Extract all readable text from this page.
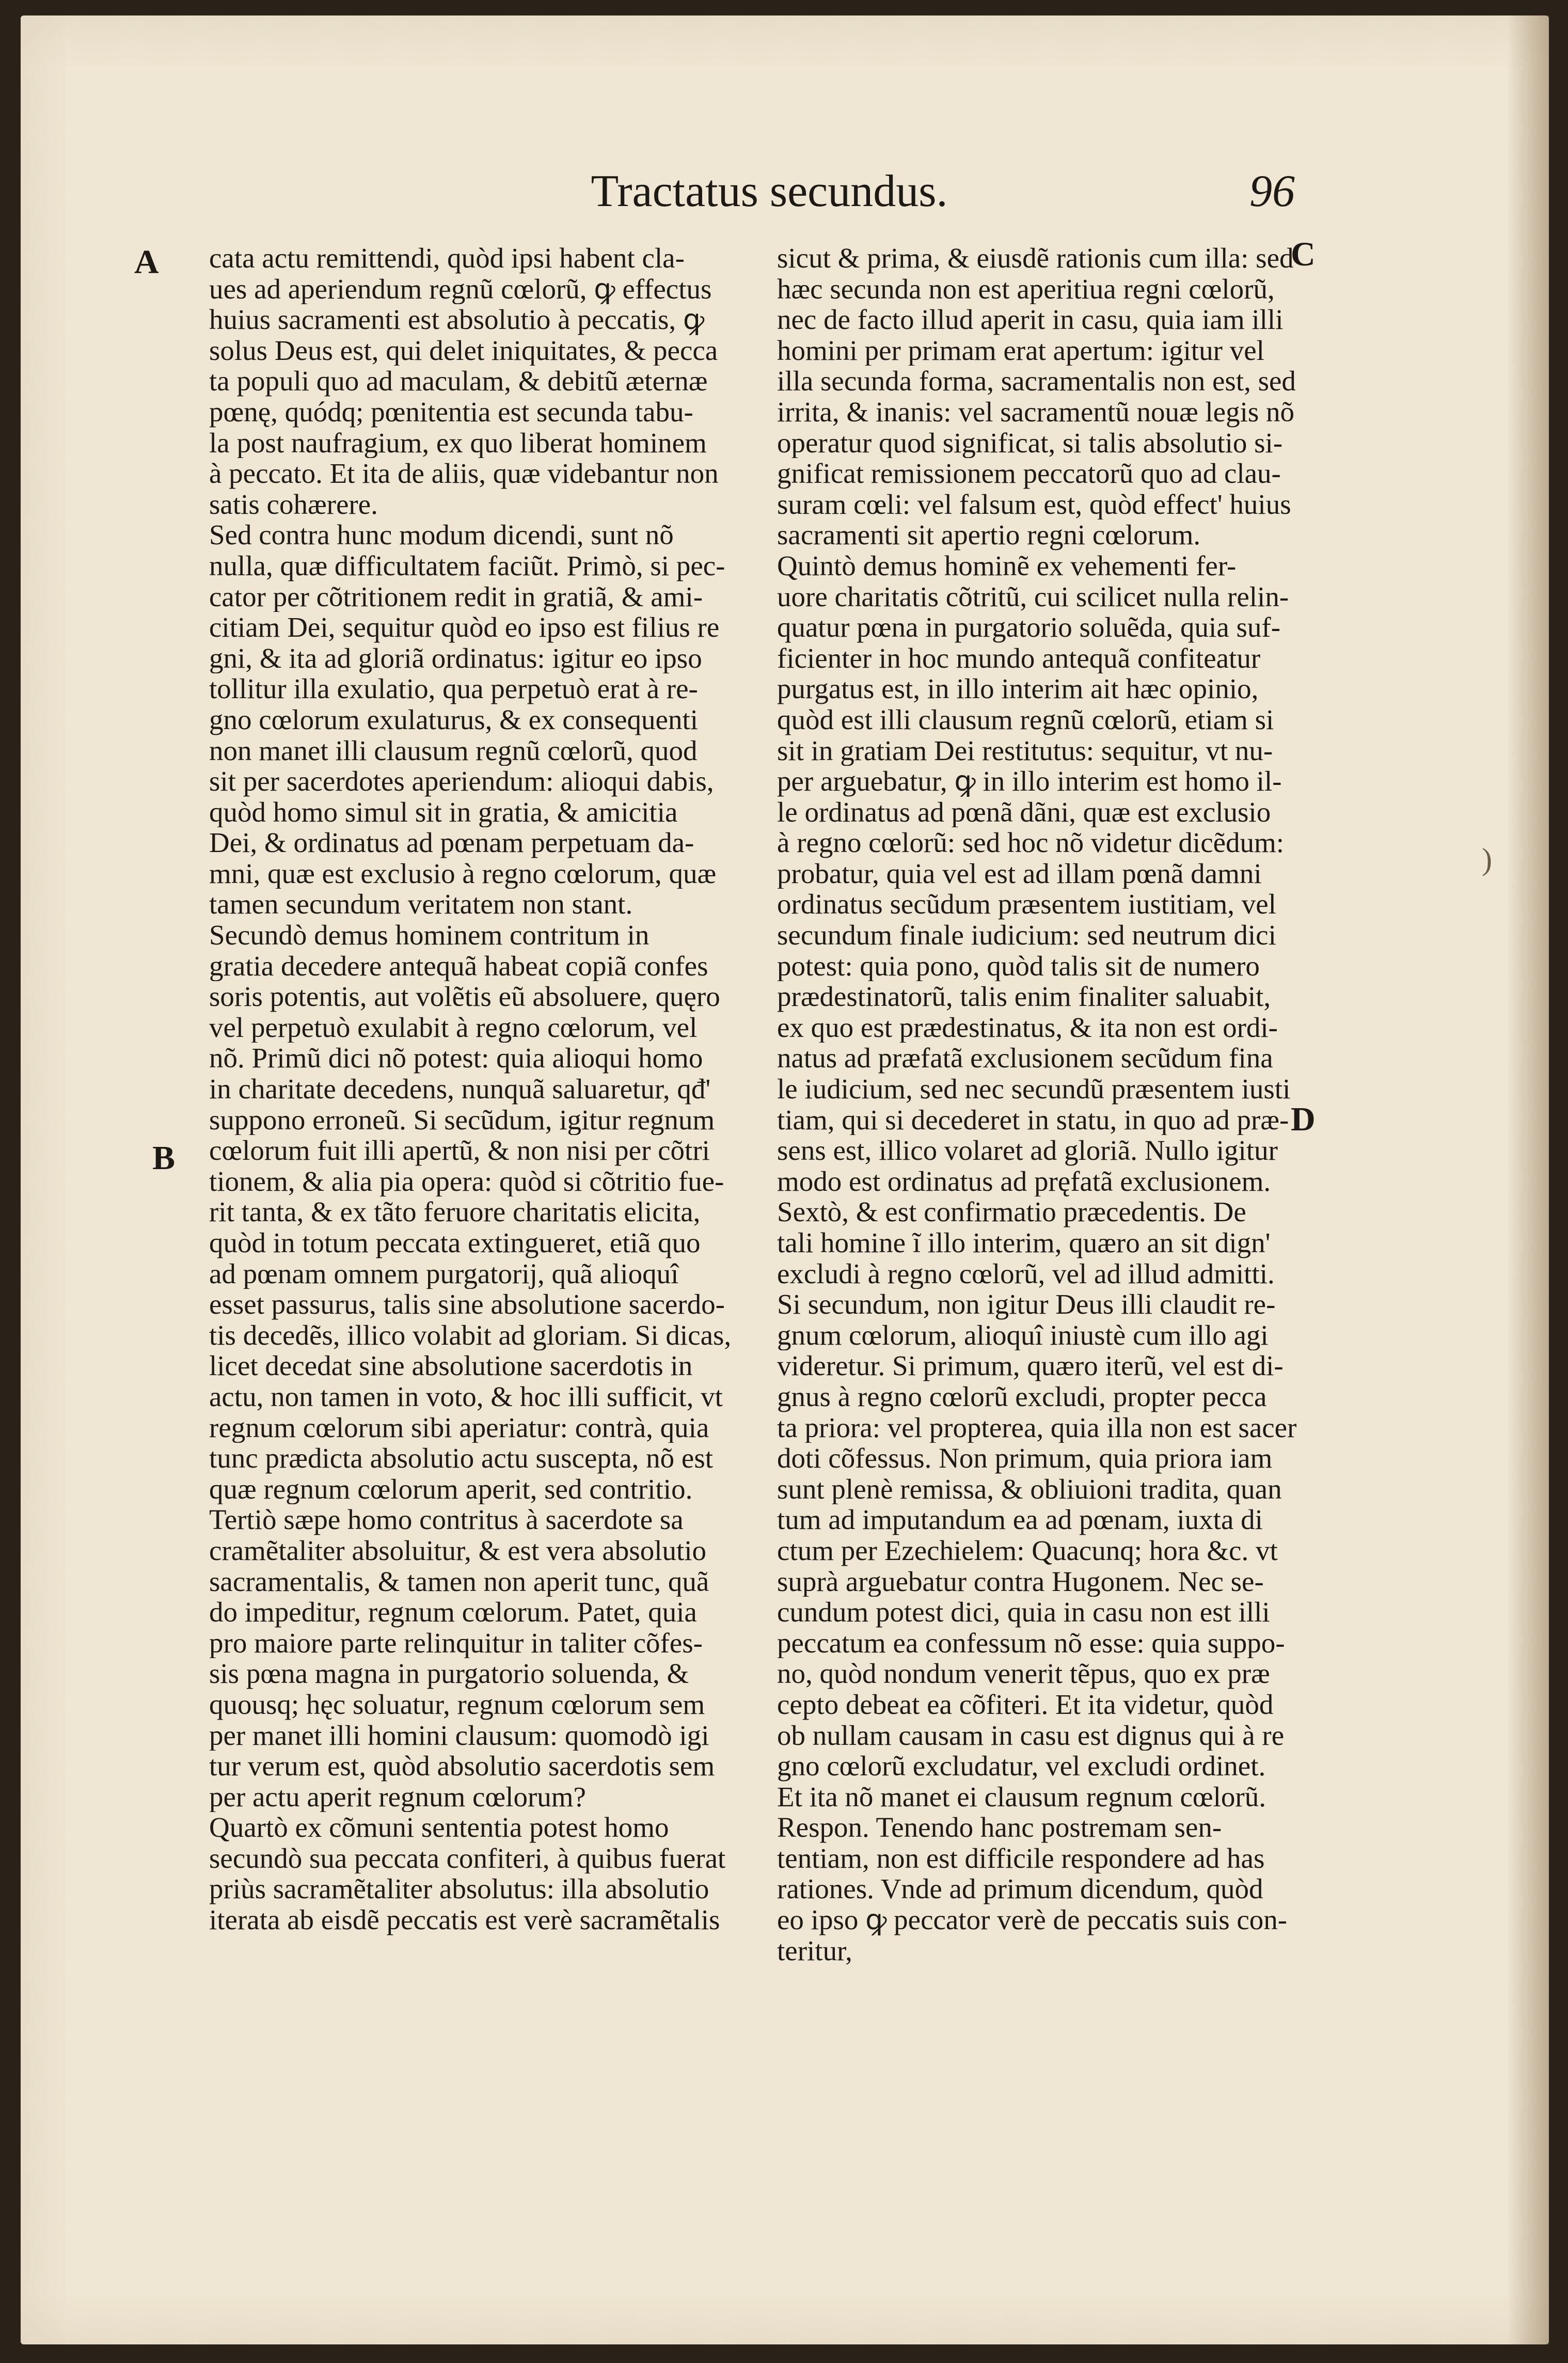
Tractatus secundus.	96
A
B
C
D
)
cata actu remittendi, quòd ipsi habent cla-
ues ad aperiendum regnũ cœlorũ, ꝙ effectus
huius sacramenti est absolutio à peccatis, ꝙ
solus Deus est, qui delet iniquitates, & pecca
ta populi quo ad maculam, & debitũ æternæ
pœnę, quódq; pœnitentia est secunda tabu-
la post naufragium, ex quo liberat hominem
à peccato. Et ita de aliis, quæ videbantur non
satis cohærere.
Sed contra hunc modum dicendi, sunt nõ
nulla, quæ difficultatem faciũt. Primò, si pec-
cator per cõtritionem redit in gratiã, & ami-
citiam Dei, sequitur quòd eo ipso est filius re
gni, & ita ad gloriã ordinatus: igitur eo ipso
tollitur illa exulatio, qua perpetuò erat à re-
gno cœlorum exulaturus, & ex consequenti
non manet illi clausum regnũ cœlorũ, quod
sit per sacerdotes aperiendum: alioqui dabis,
quòd homo simul sit in gratia, & amicitia
Dei, & ordinatus ad pœnam perpetuam da-
mni, quæ est exclusio à regno cœlorum, quæ
tamen secundum veritatem non stant.
Secundò demus hominem contritum in
gratia decedere antequã habeat copiã confes
soris potentis, aut volẽtis eũ absoluere, quęro
vel perpetuò exulabit à regno cœlorum, vel
nõ. Primũ dici nõ potest: quia alioqui homo
in charitate decedens, nunquã saluaretur, qđ'
suppono erroneũ. Si secũdum, igitur regnum
cœlorum fuit illi apertũ, & non nisi per cõtri
tionem, & alia pia opera: quòd si cõtritio fue-
rit tanta, & ex tãto feruore charitatis elicita,
quòd in totum peccata extingueret, etiã quo
ad pœnam omnem purgatorij, quã alioquî
esset passurus, talis sine absolutione sacerdo-
tis decedẽs, illico volabit ad gloriam. Si dicas,
licet decedat sine absolutione sacerdotis in
actu, non tamen in voto, & hoc illi sufficit, vt
regnum cœlorum sibi aperiatur: contrà, quia
tunc prædicta absolutio actu suscepta, nõ est
quæ regnum cœlorum aperit, sed contritio.
Tertiò sæpe homo contritus à sacerdote sa
cramẽtaliter absoluitur, & est vera absolutio
sacramentalis, & tamen non aperit tunc, quã
do impeditur, regnum cœlorum. Patet, quia
pro maiore parte relinquitur in taliter cõfes-
sis pœna magna in purgatorio soluenda, &
quousq; hęc soluatur, regnum cœlorum sem
per manet illi homini clausum: quomodò igi
tur verum est, quòd absolutio sacerdotis sem
per actu aperit regnum cœlorum?
Quartò ex cõmuni sententia potest homo
secundò sua peccata confiteri, à quibus fuerat
priùs sacramẽtaliter absolutus: illa absolutio
iterata ab eisdẽ peccatis est verè sacramẽtalis
sicut & prima, & eiusdẽ rationis cum illa: sed
hæc secunda non est aperitiua regni cœlorũ,
nec de facto illud aperit in casu, quia iam illi
homini per primam erat apertum: igitur vel
illa secunda forma, sacramentalis non est, sed
irrita, & inanis: vel sacramentũ nouæ legis nõ
operatur quod significat, si talis absolutio si-
gnificat remissionem peccatorũ quo ad clau-
suram cœli: vel falsum est, quòd effect' huius
sacramenti sit apertio regni cœlorum.
Quintò demus hominẽ ex vehementi fer-
uore charitatis cõtritũ, cui scilicet nulla relin-
quatur pœna in purgatorio soluẽda, quia suf-
ficienter in hoc mundo antequã confiteatur
purgatus est, in illo interim ait hæc opinio,
quòd est illi clausum regnũ cœlorũ, etiam si
sit in gratiam Dei restitutus: sequitur, vt nu-
per arguebatur, ꝙ in illo interim est homo il-
le ordinatus ad pœnã dãni, quæ est exclusio
à regno cœlorũ: sed hoc nõ videtur dicẽdum:
probatur, quia vel est ad illam pœnã damni
ordinatus secũdum præsentem iustitiam, vel
secundum finale iudicium: sed neutrum dici
potest: quia pono, quòd talis sit de numero
prædestinatorũ, talis enim finaliter saluabit,
ex quo est prædestinatus, & ita non est ordi-
natus ad præfatã exclusionem secũdum fina
le iudicium, sed nec secundũ præsentem iusti
tiam, qui si decederet in statu, in quo ad præ-
sens est, illico volaret ad gloriã. Nullo igitur
modo est ordinatus ad pręfatã exclusionem.
Sextò, & est confirmatio præcedentis. De
tali homine ĩ illo interim, quæro an sit dign'
excludi à regno cœlorũ, vel ad illud admitti.
Si secundum, non igitur Deus illi claudit re-
gnum cœlorum, alioquî iniustè cum illo agi
videretur. Si primum, quæro iterũ, vel est di-
gnus à regno cœlorũ excludi, propter pecca
ta priora: vel propterea, quia illa non est sacer
doti cõfessus. Non primum, quia priora iam
sunt plenè remissa, & obliuioni tradita, quan
tum ad imputandum ea ad pœnam, iuxta di
ctum per Ezechielem: Quacunq; hora &c. vt
suprà arguebatur contra Hugonem. Nec se-
cundum potest dici, quia in casu non est illi
peccatum ea confessum nõ esse: quia suppo-
no, quòd nondum venerit tẽpus, quo ex præ
cepto debeat ea cõfiteri. Et ita videtur, quòd
ob nullam causam in casu est dignus qui à re
gno cœlorũ excludatur, vel excludi ordinet.
Et ita nõ manet ei clausum regnum cœlorũ.
Respon. Tenendo hanc postremam sen-
tentiam, non est difficile respondere ad has
rationes. Vnde ad primum dicendum, quòd
eo ipso ꝙ peccator verè de peccatis suis con-
teritur,
